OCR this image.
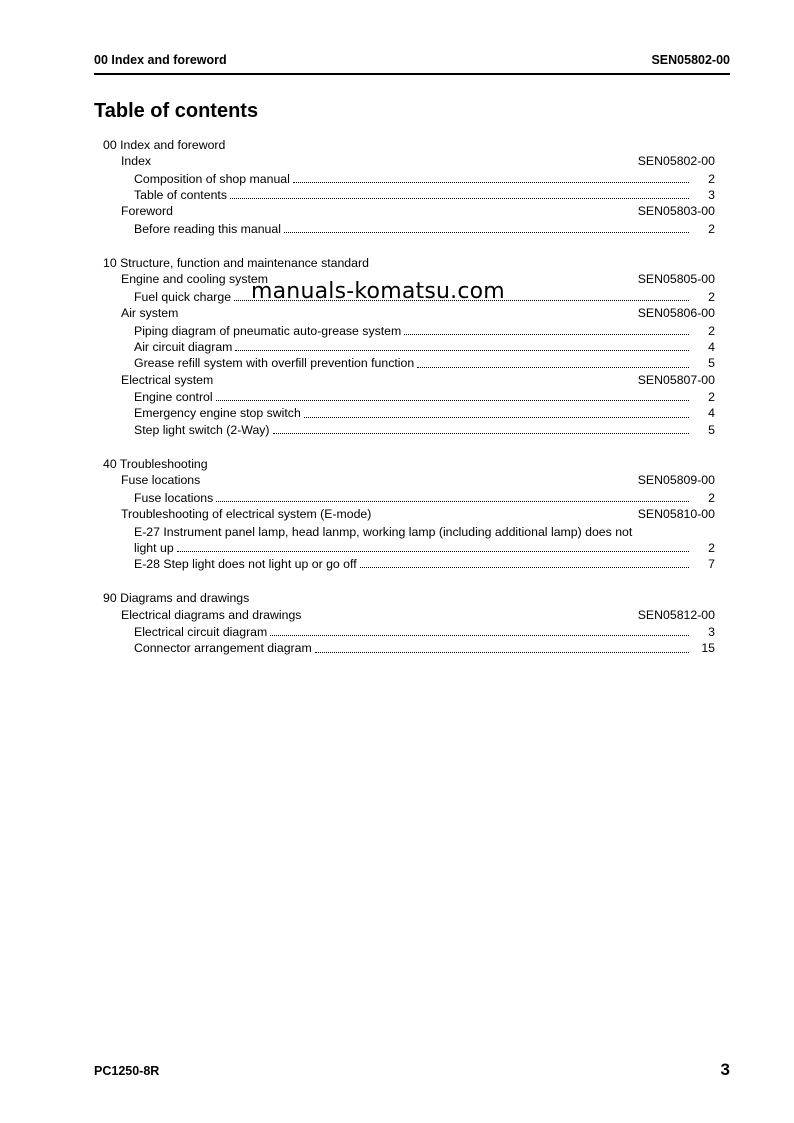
00 Index and foreword	SEN05802-00
Table of contents
00 Index and foreword
Index	SEN05802-00
Composition of shop manual	2
Table of contents	3
Foreword	SEN05803-00
Before reading this manual	2
10 Structure, function and maintenance standard
Engine and cooling system	SEN05805-00
Fuel quick charge	2
Air system	SEN05806-00
Piping diagram of pneumatic auto-grease system	2
Air circuit diagram	4
Grease refill system with overfill prevention function	5
Electrical system	SEN05807-00
Engine control	2
Emergency engine stop switch	4
Step light switch (2-Way)	5
40 Troubleshooting
Fuse locations	SEN05809-00
Fuse locations	2
Troubleshooting of electrical system (E-mode)	SEN05810-00
E-27 Instrument panel lamp, head lanmp, working lamp (including additional lamp) does not
light up	2
E-28 Step light does not light up or go off	7
90 Diagrams and drawings
Electrical diagrams and drawings	SEN05812-00
Electrical circuit diagram	3
Connector arrangement diagram	15
manuals-komatsu.com
PC1250-8R	3
